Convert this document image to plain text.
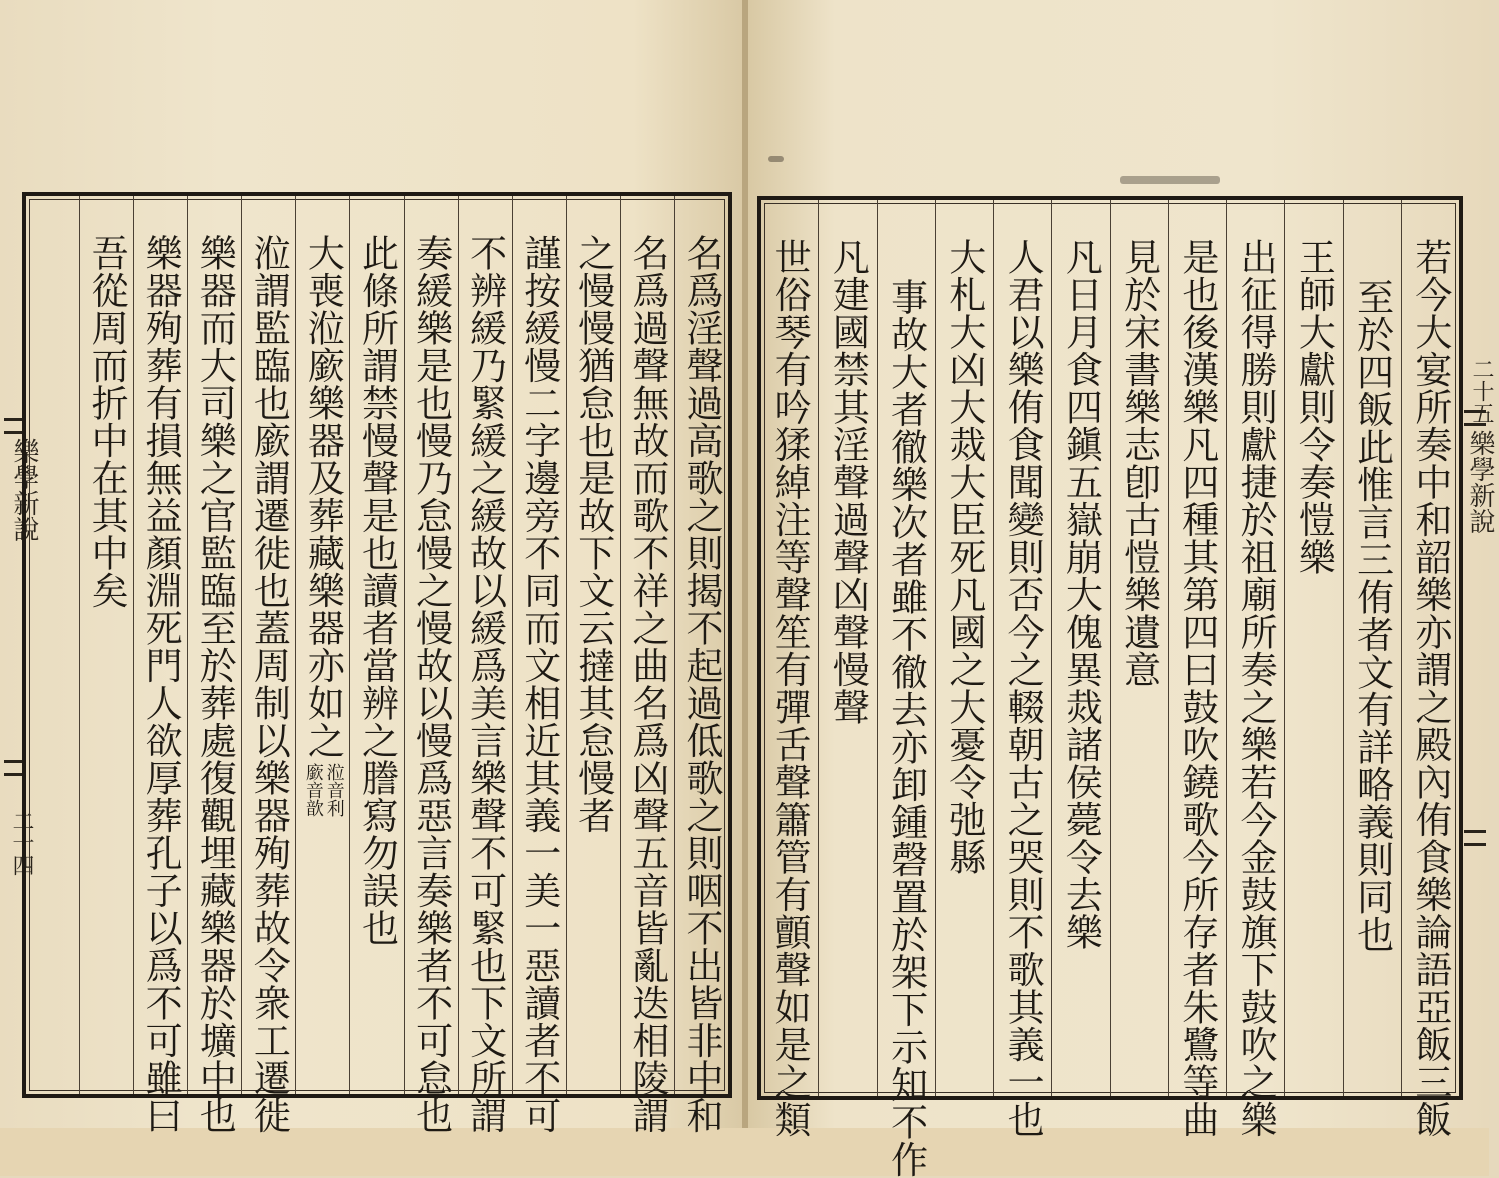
樂學新說
二十四
樂學新說
二十五
名爲淫聲過高歌之則揭不起過低歌之則咽不出皆非中和
名爲過聲無故而歌不祥之曲名爲凶聲五音皆亂迭相陵謂
之慢慢猶怠也是故下文云撻其怠慢者
謹按緩慢二字邊旁不同而文相近其義一美一惡讀者不可
不辨緩乃緊緩之緩故以緩爲美言樂聲不可緊也下文所謂
奏緩樂是也慢乃怠慢之慢故以慢爲惡言奏樂者不可怠也
此條所謂禁慢聲是也讀者當辨之謄寫勿誤也
大喪涖廞樂器及葬藏樂器亦如之
涖音利
廞音歆
涖謂監臨也廞謂遷徙也蓋周制以樂器殉葬故令衆工遷徙
樂器而大司樂之官監臨至於葬處復觀埋藏樂器於壙中也
樂器殉葬有損無益顏淵死門人欲厚葬孔子以爲不可雖曰
吾從周而折中在其中矣	若今大宴所奏中和韶樂亦謂之殿內侑食樂論語亞飯三飯
至於四飯此惟言三侑者文有詳略義則同也
王師大獻則令奏愷樂
出征得勝則獻捷於祖廟所奏之樂若今金鼓旗下鼓吹之樂
是也後漢樂凡四種其第四曰鼓吹鐃歌今所存者朱鷺等曲
見於宋書樂志卽古愷樂遺意
凡日月食四鎭五嶽崩大傀異烖諸侯薨令去樂
人君以樂侑食聞變則否今之輟朝古之哭則不歌其義一也
大札大凶大烖大臣死凡國之大憂令弛縣
事故大者徹樂次者雖不徹去亦卸鍾磬置於架下示知不作
凡建國禁其淫聲過聲凶聲慢聲
世俗琴有吟猱綽注等聲笙有彈舌聲簫管有顫聲如是之類
